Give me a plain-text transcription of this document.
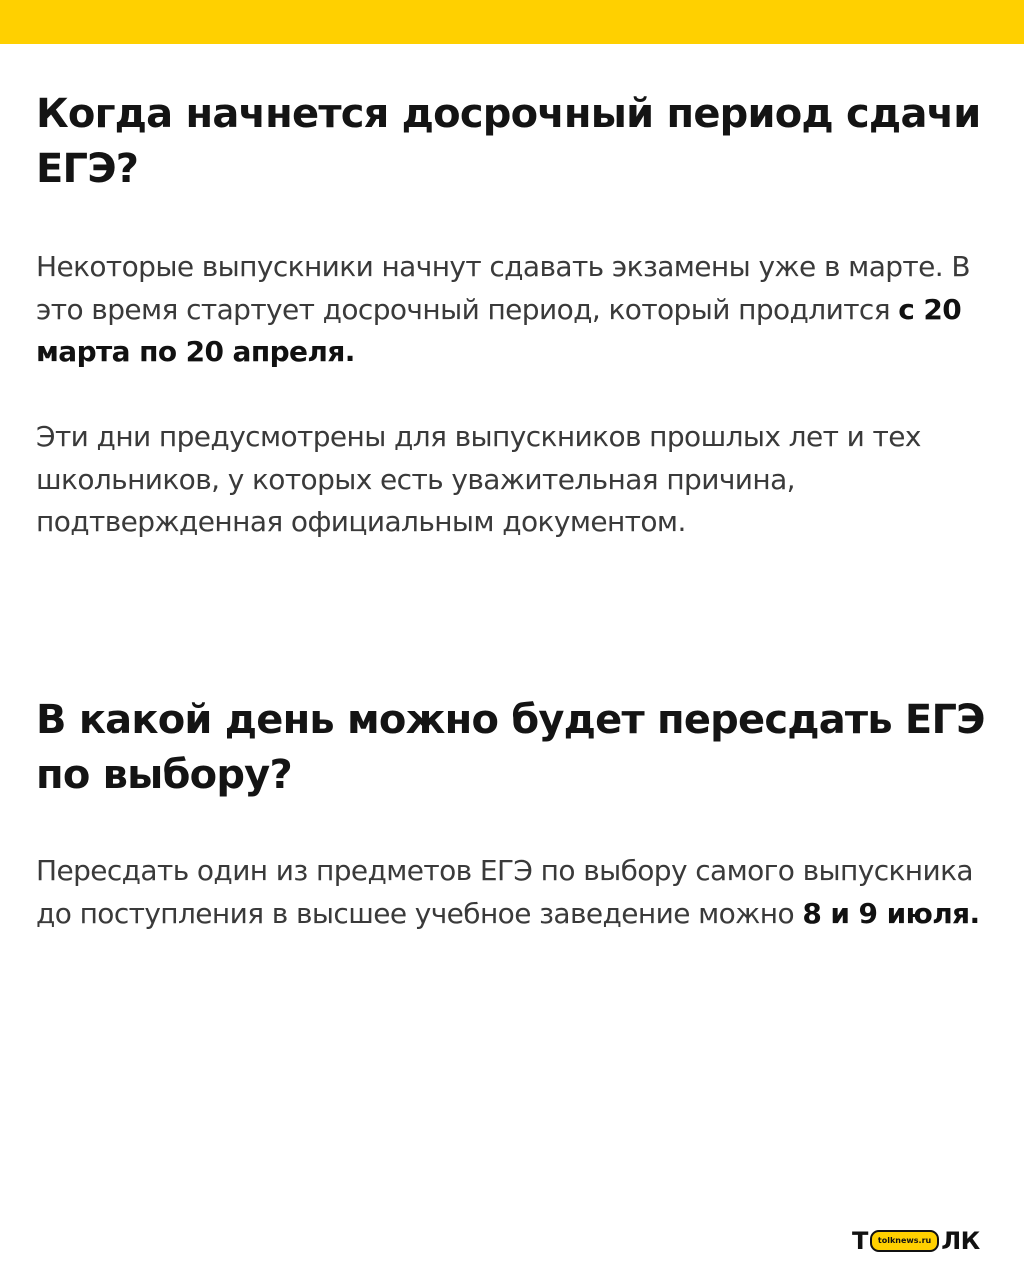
Когда начнется досрочный период сдачи ЕГЭ?

Некоторые выпускники начнут сдавать экзамены уже в марте. В это время стартует досрочный период, который продлится с 20 марта по 20 апреля.

Эти дни предусмотрены для выпускников прошлых лет и тех школьников, у которых есть уважительная причина, подтвержденная официальным документом.

В какой день можно будет пересдать ЕГЭ по выбору?

Пересдать один из предметов ЕГЭ по выбору самого выпускника до поступления в высшее учебное заведение можно 8 и 9 июля.

Т tolknews.ru ЛК
